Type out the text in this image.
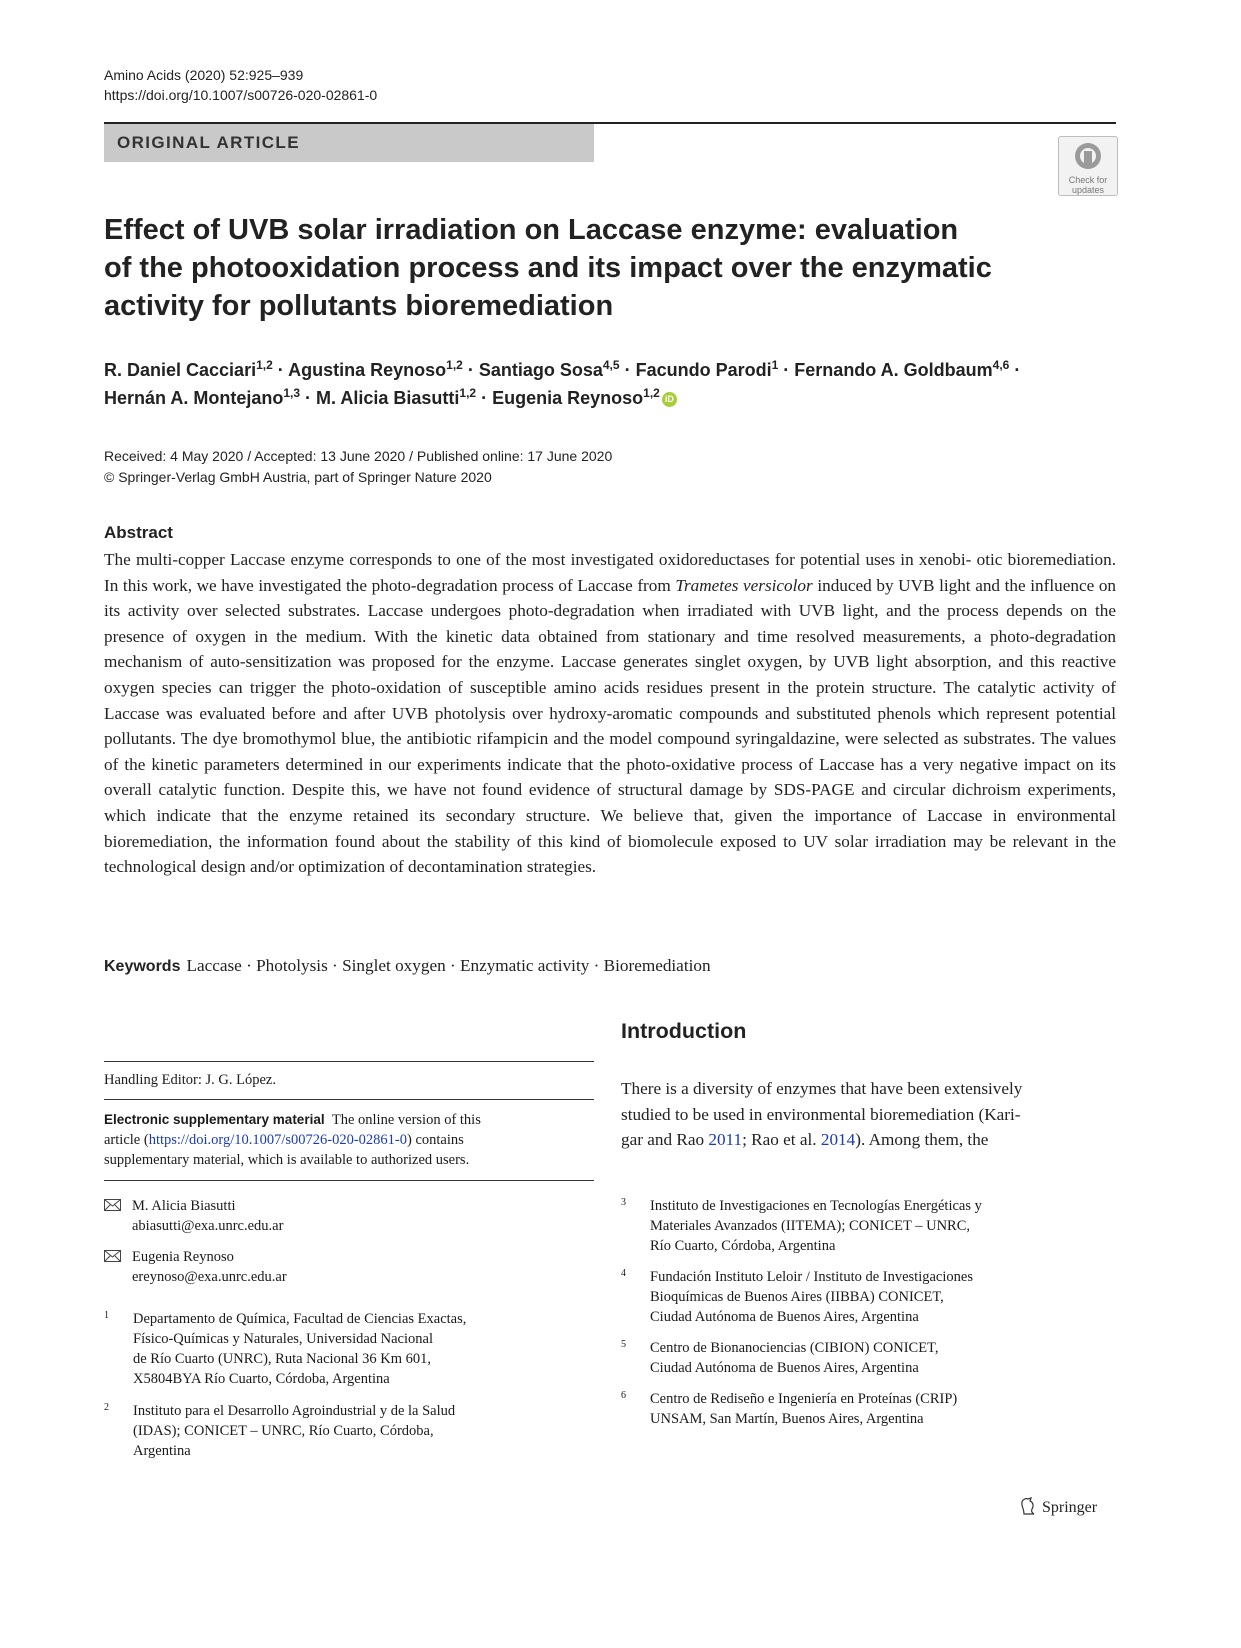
Amino Acids (2020) 52:925–939
https://doi.org/10.1007/s00726-020-02861-0
ORIGINAL ARTICLE
Check for
updates
Effect of UVB solar irradiation on Laccase enzyme: evaluation
of the photooxidation process and its impact over the enzymatic
activity for pollutants bioremediation
R. Daniel Cacciari$^{1,2}$ · Agustina Reynoso$^{1,2}$ · Santiago Sosa$^{4,5}$ · Facundo Parodi$^1$ · Fernando A. Goldbaum$^{4,6}$ ·
Hernán A. Montejano$^{1,3}$ · M. Alicia Biasutti$^{1,2}$ · Eugenia Reynoso$^{1,2}$ iD
Received: 4 May 2020 / Accepted: 13 June 2020 / Published online: 17 June 2020
© Springer-Verlag GmbH Austria, part of Springer Nature 2020
Abstract
The multi-copper Laccase enzyme corresponds to one of the most investigated oxidoreductases for potential uses in xenobi- otic bioremediation. In this work, we have investigated the photo-degradation process of Laccase from Trametes versicolor induced by UVB light and the influence on its activity over selected substrates. Laccase undergoes photo-degradation when irradiated with UVB light, and the process depends on the presence of oxygen in the medium. With the kinetic data obtained from stationary and time resolved measurements, a photo-degradation mechanism of auto-sensitization was proposed for the enzyme. Laccase generates singlet oxygen, by UVB light absorption, and this reactive oxygen species can trigger the photo-oxidation of susceptible amino acids residues present in the protein structure. The catalytic activity of Laccase was evaluated before and after UVB photolysis over hydroxy-aromatic compounds and substituted phenols which represent potential pollutants. The dye bromothymol blue, the antibiotic rifampicin and the model compound syringaldazine, were selected as substrates. The values of the kinetic parameters determined in our experiments indicate that the photo-oxidative process of Laccase has a very negative impact on its overall catalytic function. Despite this, we have not found evidence of structural damage by SDS-PAGE and circular dichroism experiments, which indicate that the enzyme retained its secondary structure. We believe that, given the importance of Laccase in environmental bioremediation, the information found about the stability of this kind of biomolecule exposed to UV solar irradiation may be relevant in the technological design and/or optimization of decontamination strategies.
Keywords Laccase · Photolysis · Singlet oxygen · Enzymatic activity · Bioremediation
Handling Editor: J. G. López.
Electronic supplementary material The online version of this
article (https://doi.org/10.1007/s00726-020-02861-0) contains
supplementary material, which is available to authorized users.
M. Alicia Biasutti
abiasutti@exa.unrc.edu.ar
Eugenia Reynoso
ereynoso@exa.unrc.edu.ar
1 Departamento de Química, Facultad de Ciencias Exactas,
Físico-Químicas y Naturales, Universidad Nacional
de Río Cuarto (UNRC), Ruta Nacional 36 Km 601,
X5804BYA Río Cuarto, Córdoba, Argentina
2 Instituto para el Desarrollo Agroindustrial y de la Salud
(IDAS); CONICET – UNRC, Río Cuarto, Córdoba,
Argentina
Introduction
There is a diversity of enzymes that have been extensively
studied to be used in environmental bioremediation (Kari-
gar and Rao 2011; Rao et al. 2014). Among them, the
3 Instituto de Investigaciones en Tecnologías Energéticas y
Materiales Avanzados (IITEMA); CONICET – UNRC,
Río Cuarto, Córdoba, Argentina
4 Fundación Instituto Leloir / Instituto de Investigaciones
Bioquímicas de Buenos Aires (IIBBA) CONICET,
Ciudad Autónoma de Buenos Aires, Argentina
5 Centro de Bionanociencias (CIBION) CONICET,
Ciudad Autónoma de Buenos Aires, Argentina
6 Centro de Rediseño e Ingeniería en Proteínas (CRIP)
UNSAM, San Martín, Buenos Aires, Argentina
Springer
